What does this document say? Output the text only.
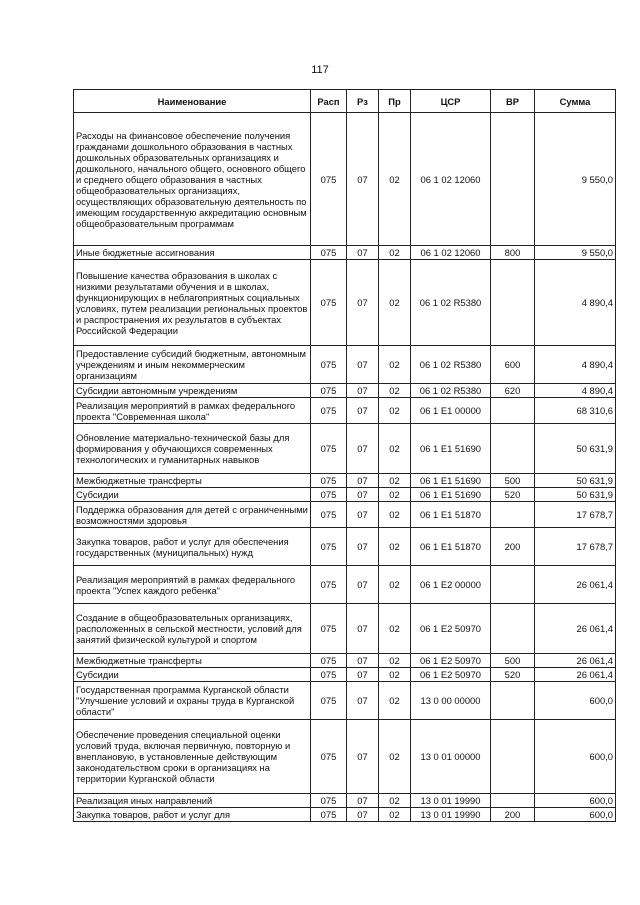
117
Наименование	Расп	Рз	Пр	ЦСР	ВР	Сумма
Расходы на финансовое обеспечение получения гражданами дошкольного образования в частных дошкольных образовательных организациях и дошкольного, начального общего, основного общего и среднего общего образования в частных общеобразовательных организациях, осуществляющих образовательную деятельность по имеющим государственную аккредитацию основным общеобразовательным программам	075	07	02	06 1 02 12060		9 550,0
Иные бюджетные ассигнования	075	07	02	06 1 02 12060	800	9 550,0
Повышение качества образования в школах с низкими результатами обучения и в школах, функционирующих в неблагоприятных социальных условиях, путем реализации региональных проектов и распространения их результатов в субъектах Российской Федерации	075	07	02	06 1 02 R5380		4 890,4
Предоставление субсидий бюджетным, автономным учреждениям и иным некоммерческим организациям	075	07	02	06 1 02 R5380	600	4 890,4
Субсидии автономным учреждениям	075	07	02	06 1 02 R5380	620	4 890,4
Реализация мероприятий в рамках федерального проекта "Современная школа"	075	07	02	06 1 E1 00000		68 310,6
Обновление материально-технической базы для формирования у обучающихся современных технологических и гуманитарных навыков	075	07	02	06 1 E1 51690		50 631,9
Межбюджетные трансферты	075	07	02	06 1 E1 51690	500	50 631,9
Субсидии	075	07	02	06 1 E1 51690	520	50 631,9
Поддержка образования для детей с ограниченными возможностями здоровья	075	07	02	06 1 E1 51870		17 678,7
Закупка товаров, работ и услуг для обеспечения государственных (муниципальных) нужд	075	07	02	06 1 E1 51870	200	17 678,7
Реализация мероприятий в рамках федерального проекта "Успех каждого ребенка"	075	07	02	06 1 E2 00000		26 061,4
Создание в общеобразовательных организациях, расположенных в сельской местности, условий для занятий физической культурой и спортом	075	07	02	06 1 E2 50970		26 061,4
Межбюджетные трансферты	075	07	02	06 1 E2 50970	500	26 061,4
Субсидии	075	07	02	06 1 E2 50970	520	26 061,4
Государственная программа Курганской области "Улучшение условий и охраны труда в Курганской области"	075	07	02	13 0 00 00000		600,0
Обеспечение проведения специальной оценки условий труда, включая первичную, повторную и внеплановую, в установленные действующим законодательством сроки в организациях на территории Курганской области	075	07	02	13 0 01 00000		600,0
Реализация иных направлений	075	07	02	13 0 01 19990		600,0
Закупка товаров, работ и услуг для	075	07	02	13 0 01 19990	200	600,0
